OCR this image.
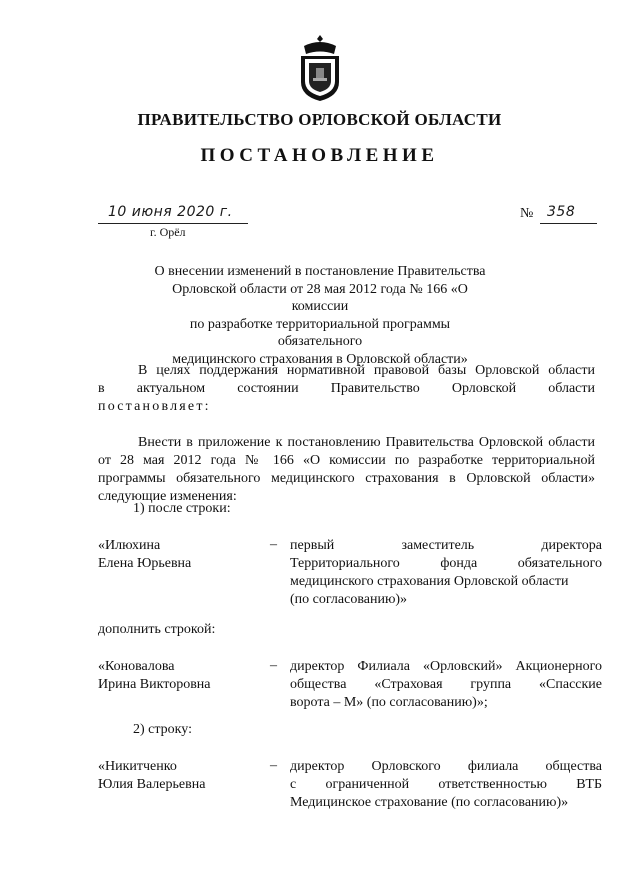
ПРАВИТЕЛЬСТВО ОРЛОВСКОЙ ОБЛАСТИ
ПОСТАНОВЛЕНИЕ
10 июня 2020 г.
г. Орёл
№ 358
О внесении изменений в постановление Правительства
Орловской области от 28 мая 2012 года № 166 «О комиссии
по разработке территориальной программы обязательного
медицинского страхования в Орловской области»
В целях поддержания нормативной правовой базы Орловской области
в актуальном состоянии Правительство Орловской области
постановляет:
Внести в приложение к постановлению Правительства Орловской области от 28 мая 2012 года № 166 «О комиссии по разработке территориальной программы обязательного медицинского страхования в Орловской области» следующие изменения:
1) после строки:
«Илюхина
Елена Юрьевна
– первый заместитель директора
Территориального фонда обязательного
медицинского страхования Орловской области
(по согласованию)»
дополнить строкой:
«Коновалова
Ирина Викторовна
– директор Филиала «Орловский» Акционерного
общества «Страховая группа «Спасские
ворота – М» (по согласованию)»;
2) строку:
«Никитченко
Юлия Валерьевна
– директор Орловского филиала общества
с ограниченной ответственностью ВТБ
Медицинское страхование (по согласованию)»
